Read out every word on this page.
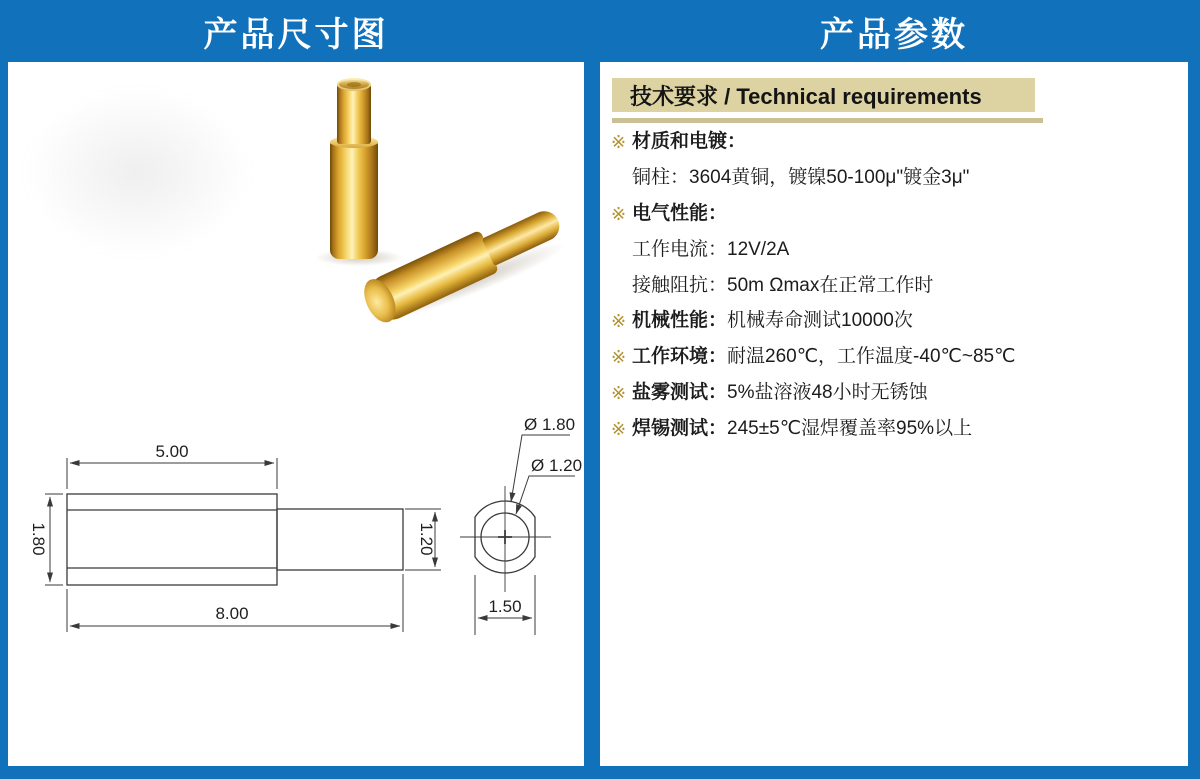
产品尺寸图	产品参数
5.00
8.00
1.80	1.20
1.50
Ø 1.80
Ø 1.20
技术要求 / Technical requirements
※ 材质和电镀：
铜柱：3604黄铜，镀镍50-100μ"镀金3μ"
※ 电气性能：
工作电流：12V/2A
接触阻抗：50m Ωmax在正常工作时
※ 机械性能： 机械寿命测试10000次
※ 工作环境： 耐温260℃，工作温度-40℃~85℃
※ 盐雾测试： 5%盐溶液48小时无锈蚀
※ 焊锡测试： 245±5℃湿焊覆盖率95%以上
